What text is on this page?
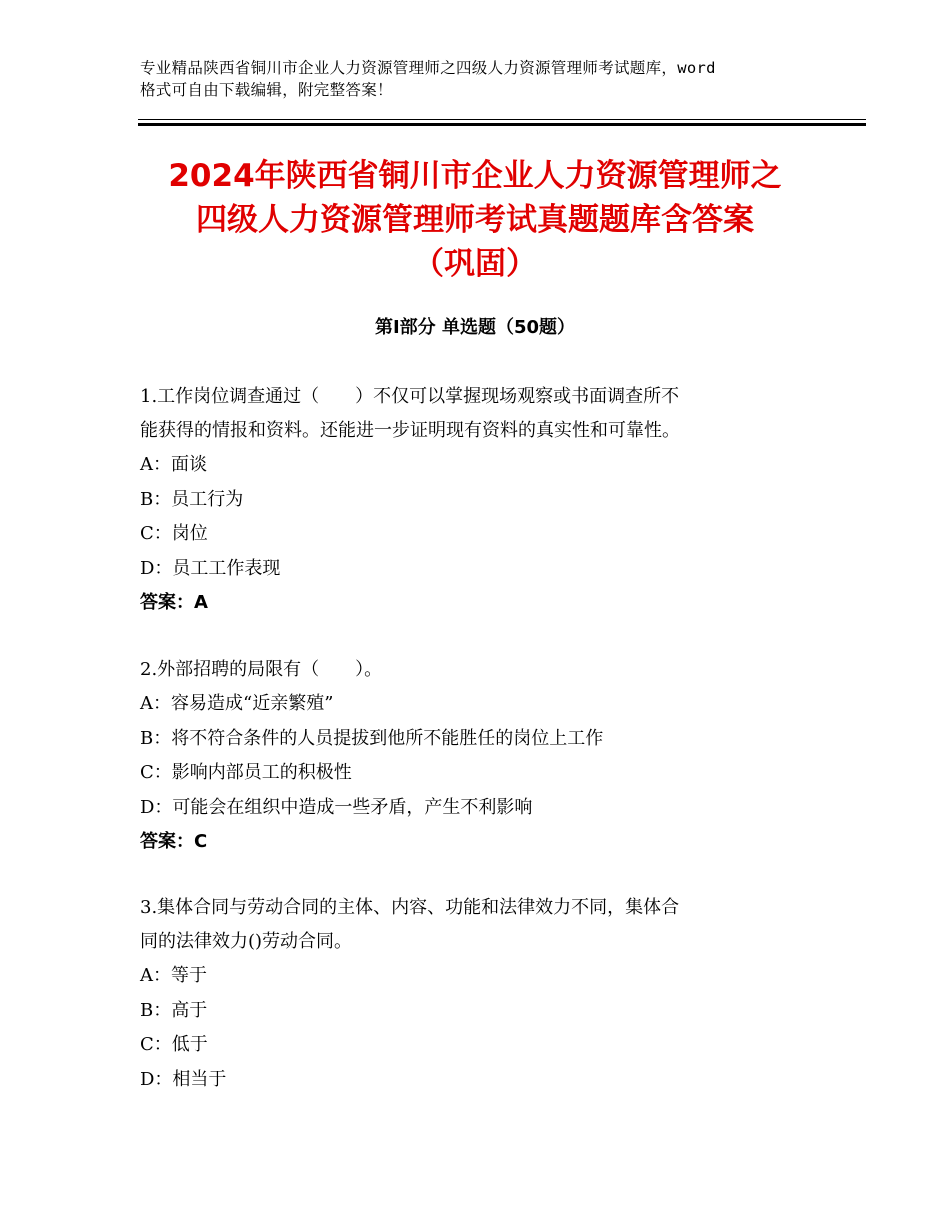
专业精品陕西省铜川市企业人力资源管理师之四级人力资源管理师考试题库，word
格式可自由下载编辑，附完整答案！
2024年陕西省铜川市企业人力资源管理师之
四级人力资源管理师考试真题题库含答案
（巩固）
第Ⅰ部分 单选题（50题）
1.工作岗位调查通过（　　）不仅可以掌握现场观察或书面调查所不
能获得的情报和资料。还能进一步证明现有资料的真实性和可靠性。
A：面谈
B：员工行为
C：岗位
D：员工工作表现
答案：A
2.外部招聘的局限有（　　）。
A：容易造成“近亲繁殖”
B：将不符合条件的人员提拔到他所不能胜任的岗位上工作
C：影响内部员工的积极性
D：可能会在组织中造成一些矛盾，产生不利影响
答案：C
3.集体合同与劳动合同的主体、内容、功能和法律效力不同，集体合
同的法律效力()劳动合同。
A：等于
B：高于
C：低于
D：相当于
